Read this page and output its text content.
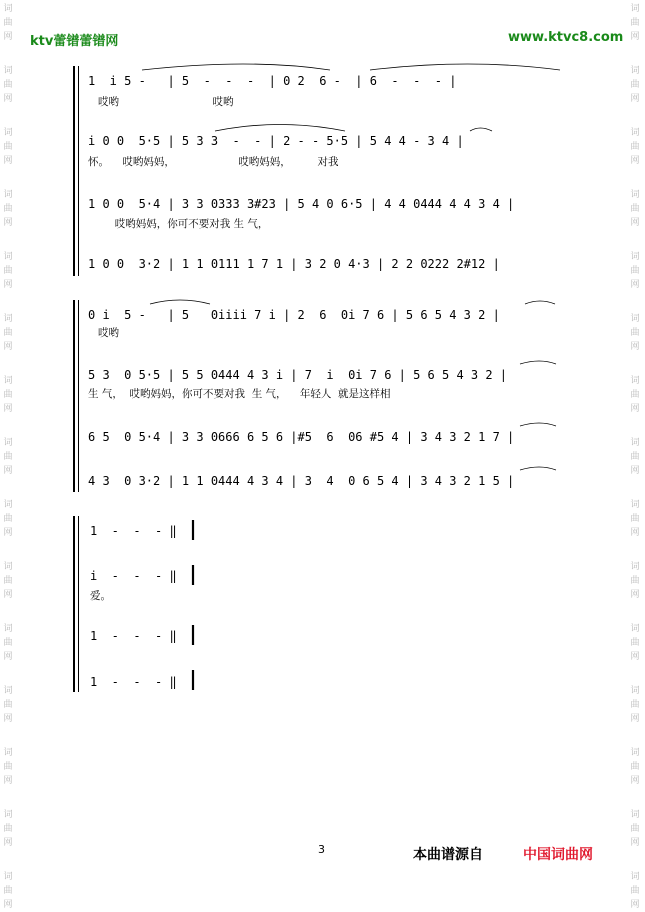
ktv蕾镨蕾镨网	www.ktvc8.com
词
曲
网
词
曲
网
词
曲
网
词
曲
网
词
曲
网
词
曲
网
词
曲
网
词
曲
网
词
曲
网
词
曲
网
词
曲
网
词
曲
网
词
曲
网
词
曲
网
词
曲
网
词
曲
网
词
曲
网
词
曲
网
词
曲
网
词
曲
网
词
曲
网
词
曲
网
词
曲
网
词
曲
网
词
曲
网
词
曲
网
词
曲
网
词
曲
网
词
曲
网
词
曲
网
1  i 5 -   | 5  -  -  -  | 0 2  6 -  | 6  -  -  - |
哎哟                            哎哟
i 0 0  5·5 | 5 3 3  -  - | 2 - - 5·5 | 5 4 4 - 3 4 |
怀。    哎哟妈妈，                   哎哟妈妈，        对我
1 0 0  5·4 | 3 3 0333 3#23 | 5 4 0 6·5 | 4 4 0444 4 4 3 4 |
哎哟妈妈，你可不要对我 生 气，
1 0 0  3·2 | 1 1 0111 1 7 1 | 3 2 0 4·3 | 2 2 0222 2#12 |
0 i  5 -   | 5   0iiii 7 i | 2  6  0i 7 6 | 5 6 5 4 3 2 |
哎哟
5 3  0 5·5 | 5 5 0444 4 3 i | 7  i  0i 7 6 | 5 6 5 4 3 2 |
生 气，  哎哟妈妈，你可不要对我  生 气，    年轻人  就是这样相
6 5  0 5·4 | 3 3 0666 6 5 6 |#5  6  06 #5 4 | 3 4 3 2 1 7 |
4 3  0 3·2 | 1 1 0444 4 3 4 | 3  4  0 6 5 4 | 3 4 3 2 1 5 |
1  -  -  - ‖
i  -  -  - ‖
爱。
1  -  -  - ‖
1  -  -  - ‖
3	本曲谱源自	中国词曲网
